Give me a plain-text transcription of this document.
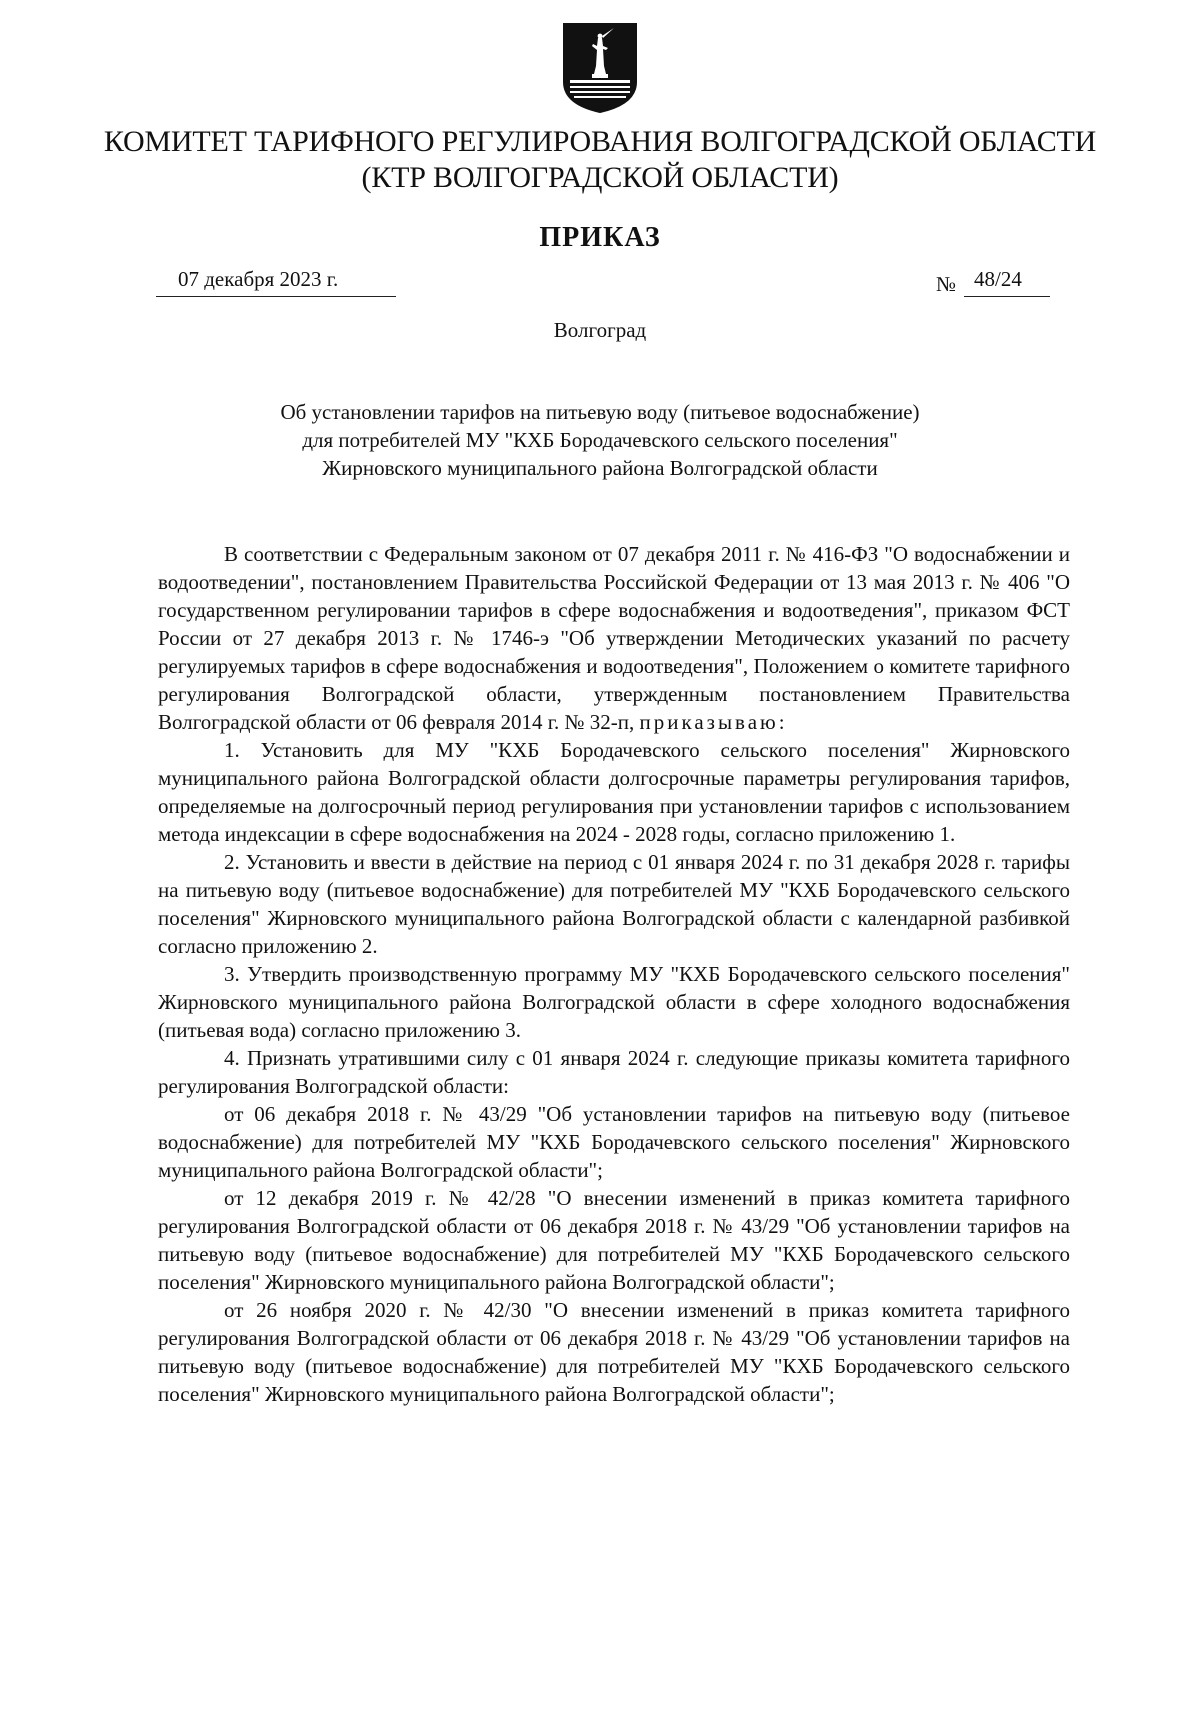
КОМИТЕТ ТАРИФНОГО РЕГУЛИРОВАНИЯ ВОЛГОГРАДСКОЙ ОБЛАСТИ
(КТР ВОЛГОГРАДСКОЙ ОБЛАСТИ)
ПРИКАЗ
07 декабря 2023 г.	№ 48/24
Волгоград
Об установлении тарифов на питьевую воду (питьевое водоснабжение)
для потребителей МУ "КХБ Бородачевского сельского поселения"
Жирновского муниципального района Волгоградской области

В соответствии с Федеральным законом от 07 декабря 2011 г. № 416-ФЗ "О водоснабжении и водоотведении", постановлением Правительства Российской Федерации от 13 мая 2013 г. № 406 "О государственном регулировании тарифов в сфере водоснабжения и водоотведения", приказом ФСТ России от 27 декабря 2013 г. № 1746-э "Об утверждении Методических указаний по расчету регулируемых тарифов в сфере водоснабжения и водоотведения", Положением о комитете тарифного регулирования Волгоградской области, утвержденным постановлением Правительства Волгоградской области от 06 февраля 2014 г. № 32-п, приказываю:

1. Установить для МУ "КХБ Бородачевского сельского поселения" Жирновского муниципального района Волгоградской области долгосрочные параметры регулирования тарифов, определяемые на долгосрочный период регулирования при установлении тарифов с использованием метода индексации в сфере водоснабжения на 2024 - 2028 годы, согласно приложению 1.

2. Установить и ввести в действие на период с 01 января 2024 г. по 31 декабря 2028 г. тарифы на питьевую воду (питьевое водоснабжение) для потребителей МУ "КХБ Бородачевского сельского поселения" Жирновского муниципального района Волгоградской области с календарной разбивкой согласно приложению 2.

3. Утвердить производственную программу МУ "КХБ Бородачевского сельского поселения" Жирновского муниципального района Волгоградской области в сфере холодного водоснабжения (питьевая вода) согласно приложению 3.

4. Признать утратившими силу с 01 января 2024 г. следующие приказы комитета тарифного регулирования Волгоградской области:

от 06 декабря 2018 г. № 43/29 "Об установлении тарифов на питьевую воду (питьевое водоснабжение) для потребителей МУ "КХБ Бородачевского сельского поселения" Жирновского муниципального района Волгоградской области";

от 12 декабря 2019 г. № 42/28 "О внесении изменений в приказ комитета тарифного регулирования Волгоградской области от 06 декабря 2018 г. № 43/29 "Об установлении тарифов на питьевую воду (питьевое водоснабжение) для потребителей МУ "КХБ Бородачевского сельского поселения" Жирновского муниципального района Волгоградской области";

от 26 ноября 2020 г. № 42/30 "О внесении изменений в приказ комитета тарифного регулирования Волгоградской области от 06 декабря 2018 г. № 43/29 "Об установлении тарифов на питьевую воду (питьевое водоснабжение) для потребителей МУ "КХБ Бородачевского сельского поселения" Жирновского муниципального района Волгоградской области";
